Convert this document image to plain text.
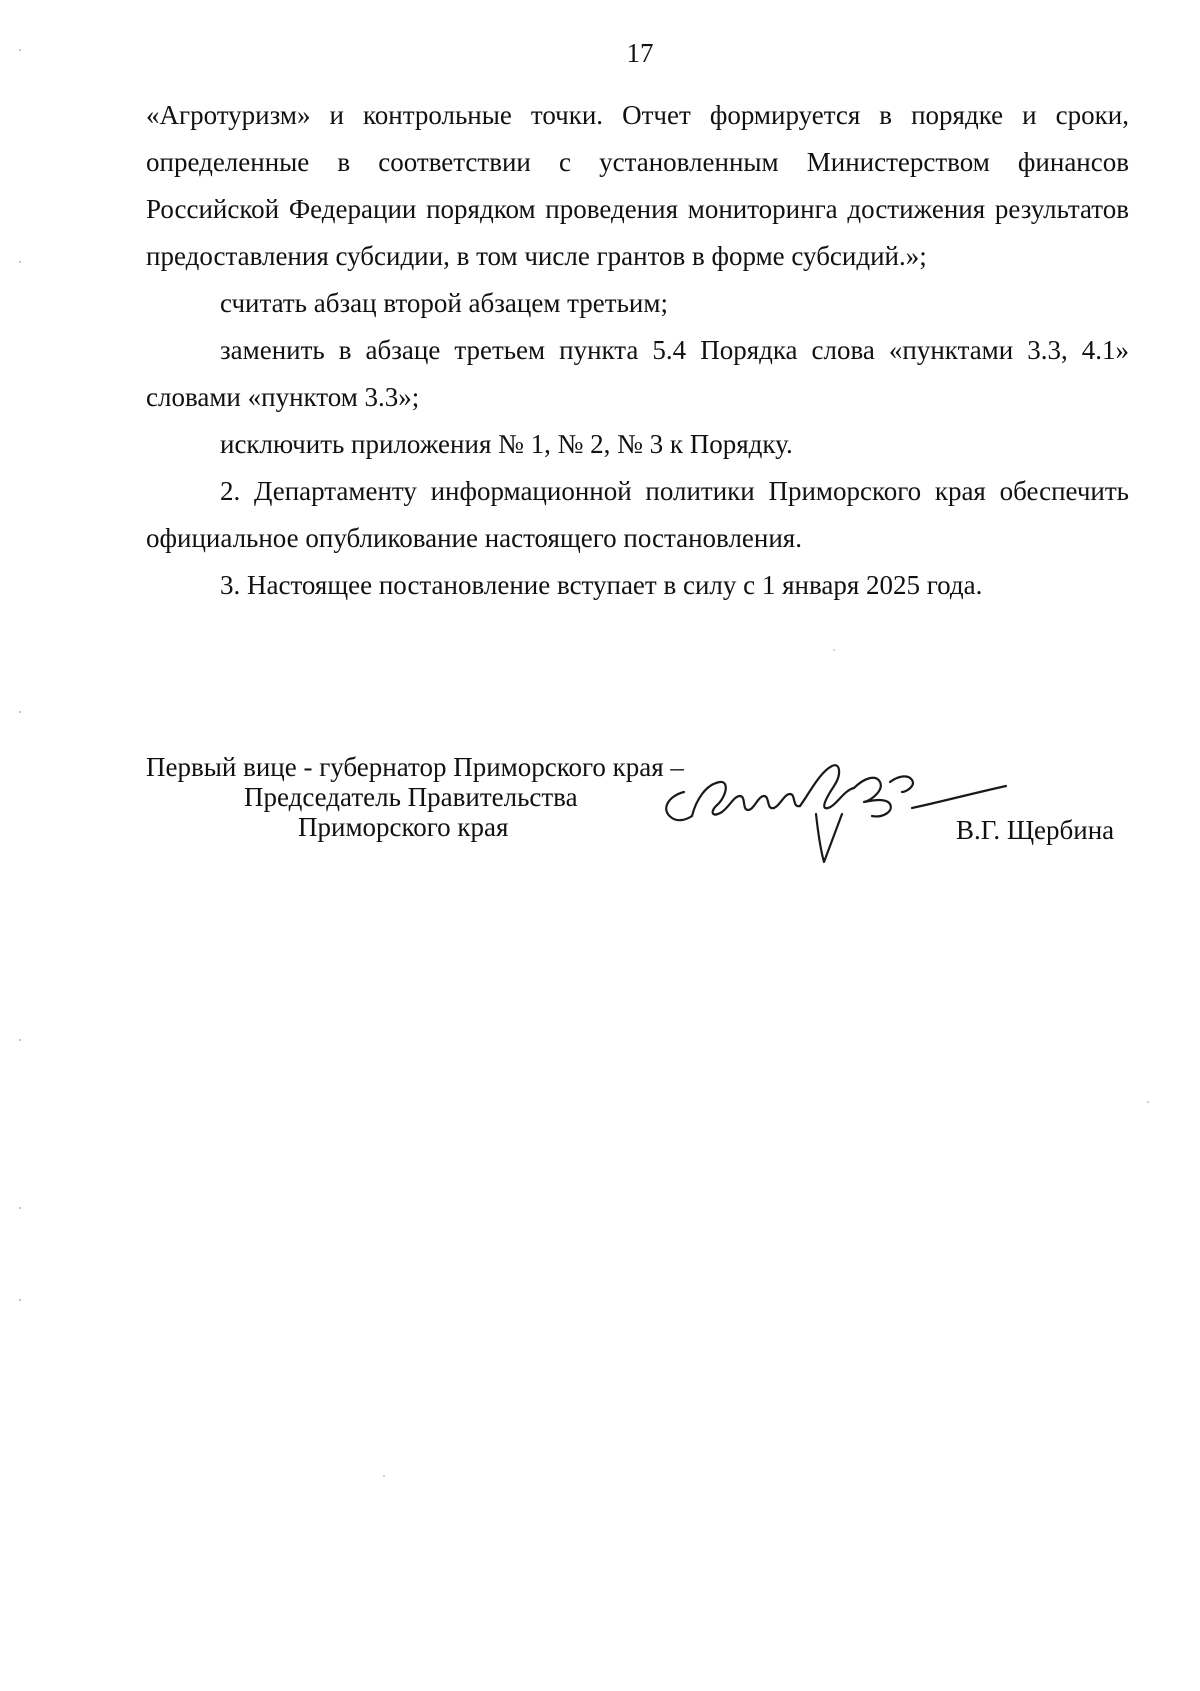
17

«Агротуризм» и контрольные точки. Отчет формируется в порядке и сроки, определенные в соответствии с установленным Министерством финансов Российской Федерации порядком проведения мониторинга достижения результатов предоставления субсидии, в том числе грантов в форме субсидий.»;

считать абзац второй абзацем третьим;

заменить в абзаце третьем пункта 5.4 Порядка слова «пунктами 3.3, 4.1» словами «пунктом 3.3»;

исключить приложения № 1, № 2, № 3 к Порядку.

2. Департаменту информационной политики Приморского края обеспечить официальное опубликование настоящего постановления.

3. Настоящее постановление вступает в силу с 1 января 2025 года.

Первый вице - губернатор Приморского края –
Председатель Правительства
Приморского края	В.Г. Щербина
